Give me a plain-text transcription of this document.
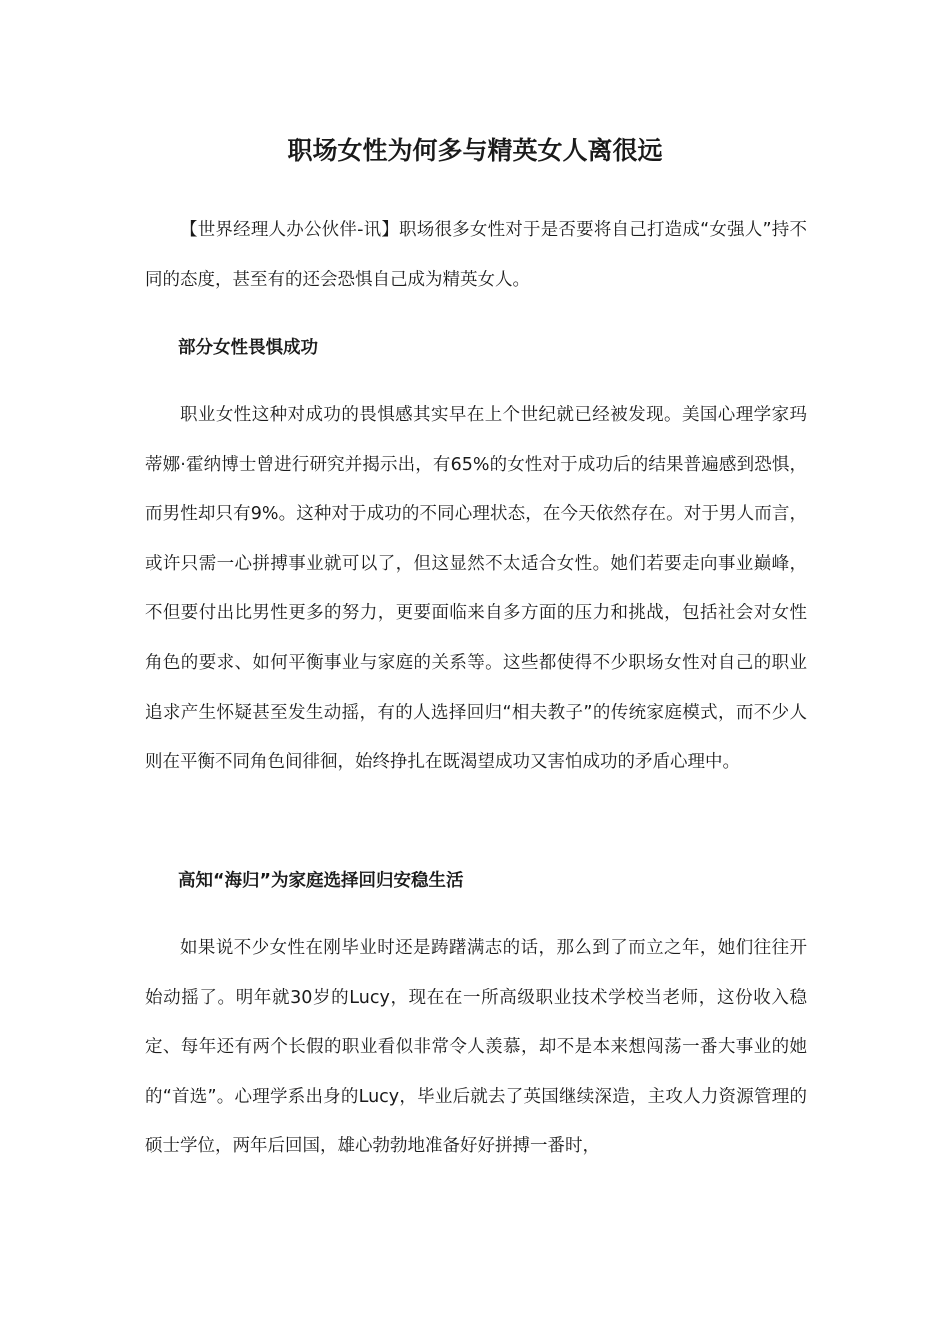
职场女性为何多与精英女人离很远

【世界经理人办公伙伴-讯】职场很多女性对于是否要将自己打造成“女强人”持不同的态度，甚至有的还会恐惧自己成为精英女人。

部分女性畏惧成功

职业女性这种对成功的畏惧感其实早在上个世纪就已经被发现。美国心理学家玛蒂娜·霍纳博士曾进行研究并揭示出，有65%的女性对于成功后的结果普遍感到恐惧，而男性却只有9%。这种对于成功的不同心理状态，在今天依然存在。对于男人而言，或许只需一心拼搏事业就可以了，但这显然不太适合女性。她们若要走向事业巅峰，不但要付出比男性更多的努力，更要面临来自多方面的压力和挑战，包括社会对女性角色的要求、如何平衡事业与家庭的关系等。这些都使得不少职场女性对自己的职业追求产生怀疑甚至发生动摇，有的人选择回归“相夫教子”的传统家庭模式，而不少人则在平衡不同角色间徘徊，始终挣扎在既渴望成功又害怕成功的矛盾心理中。

高知“海归”为家庭选择回归安稳生活

如果说不少女性在刚毕业时还是踌躇满志的话，那么到了而立之年，她们往往开始动摇了。明年就30岁的Lucy，现在在一所高级职业技术学校当老师，这份收入稳定、每年还有两个长假的职业看似非常令人羡慕，却不是本来想闯荡一番大事业的她的“首选”。心理学系出身的Lucy，毕业后就去了英国继续深造，主攻人力资源管理的硕士学位，两年后回国，雄心勃勃地准备好好拼搏一番时，
